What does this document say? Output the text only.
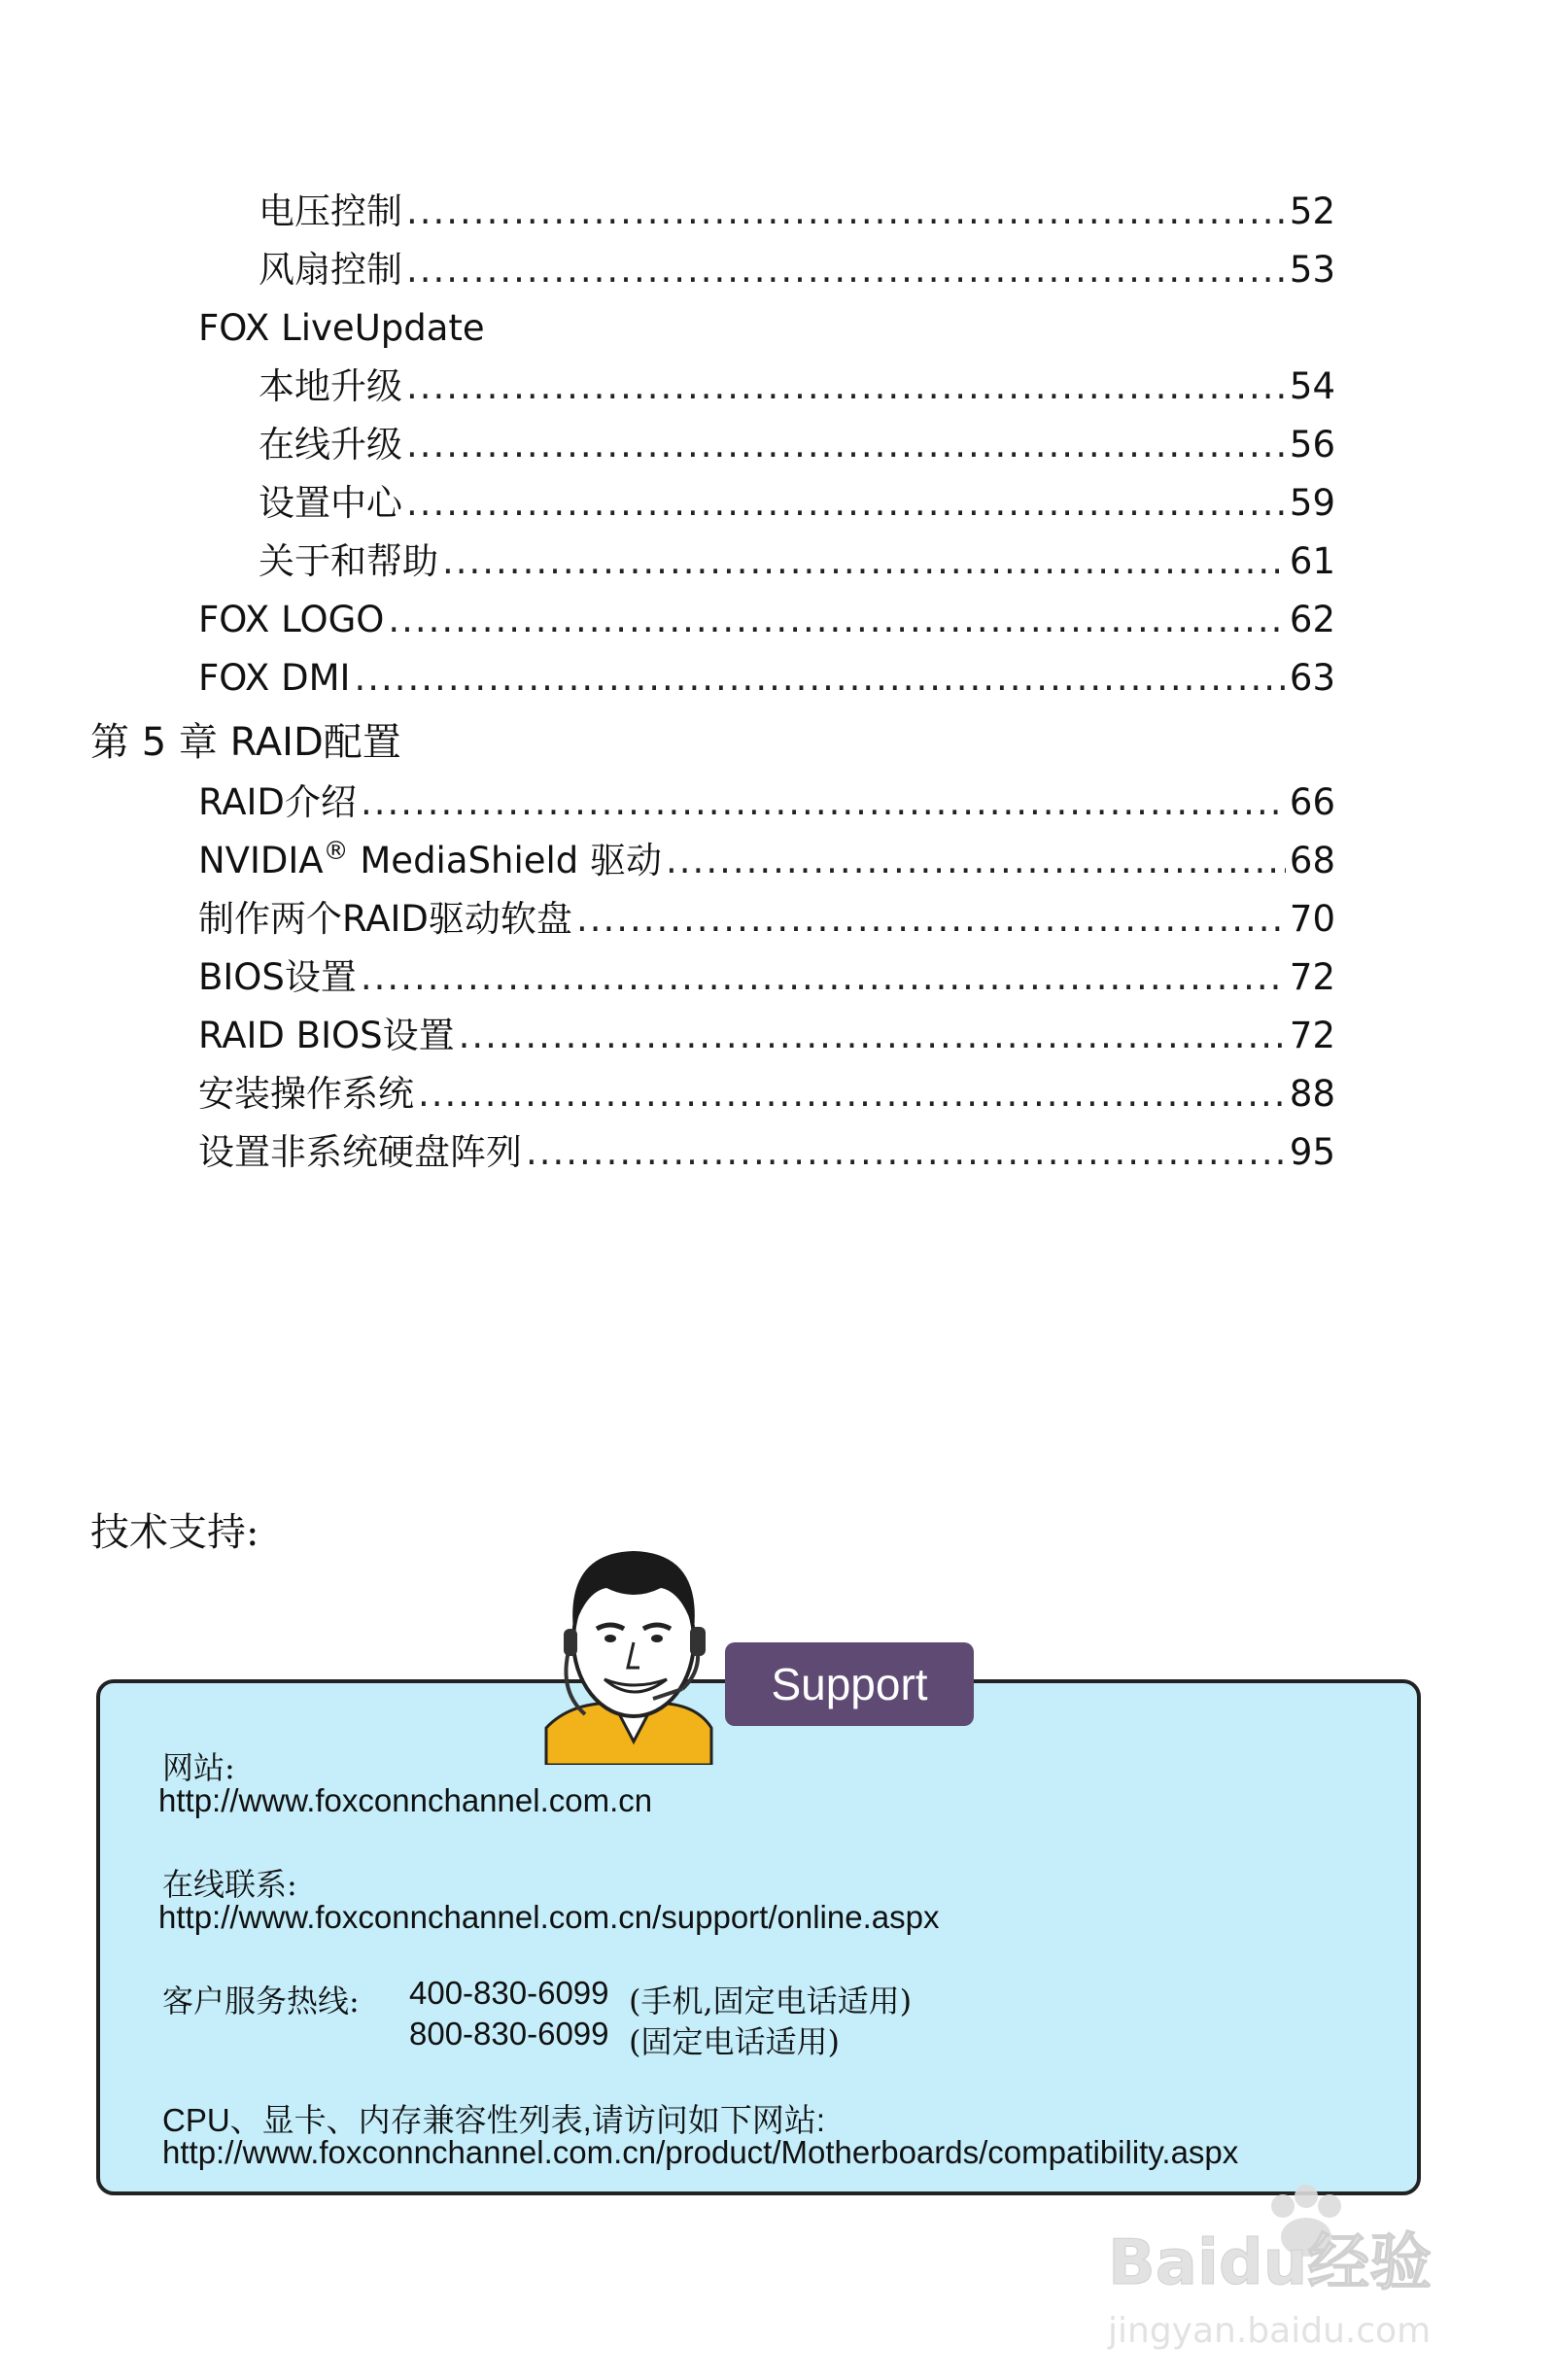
电压控制 .....	52
风扇控制 .....	53
FOX LiveUpdate
本地升级 .....	54
在线升级 .....	56
设置中心 .....	59
关于和帮助 .....	61
FOX LOGO .....	62
FOX DMI .....	63
第 5 章 RAID配置
RAID介绍 .....	66
NVIDIA® MediaShield 驱动 .....	68
制作两个RAID驱动软盘 .....	70
BIOS设置 .....	72
RAID BIOS设置 .....	72
安装操作系统 .....	88
设置非系统硬盘阵列 .....	95
技术支持:
网站:
http://www.foxconnchannel.com.cn
在线联系:
http://www.foxconnchannel.com.cn/support/online.aspx
客户服务热线: 400-830-6099 (手机,固定电话适用)
800-830-6099 (固定电话适用)
CPU、显卡、内存兼容性列表,请访问如下网站:
http://www.foxconnchannel.com.cn/product/Motherboards/compatibility.aspx
Support
Baidu经验
jingyan.baidu.com
